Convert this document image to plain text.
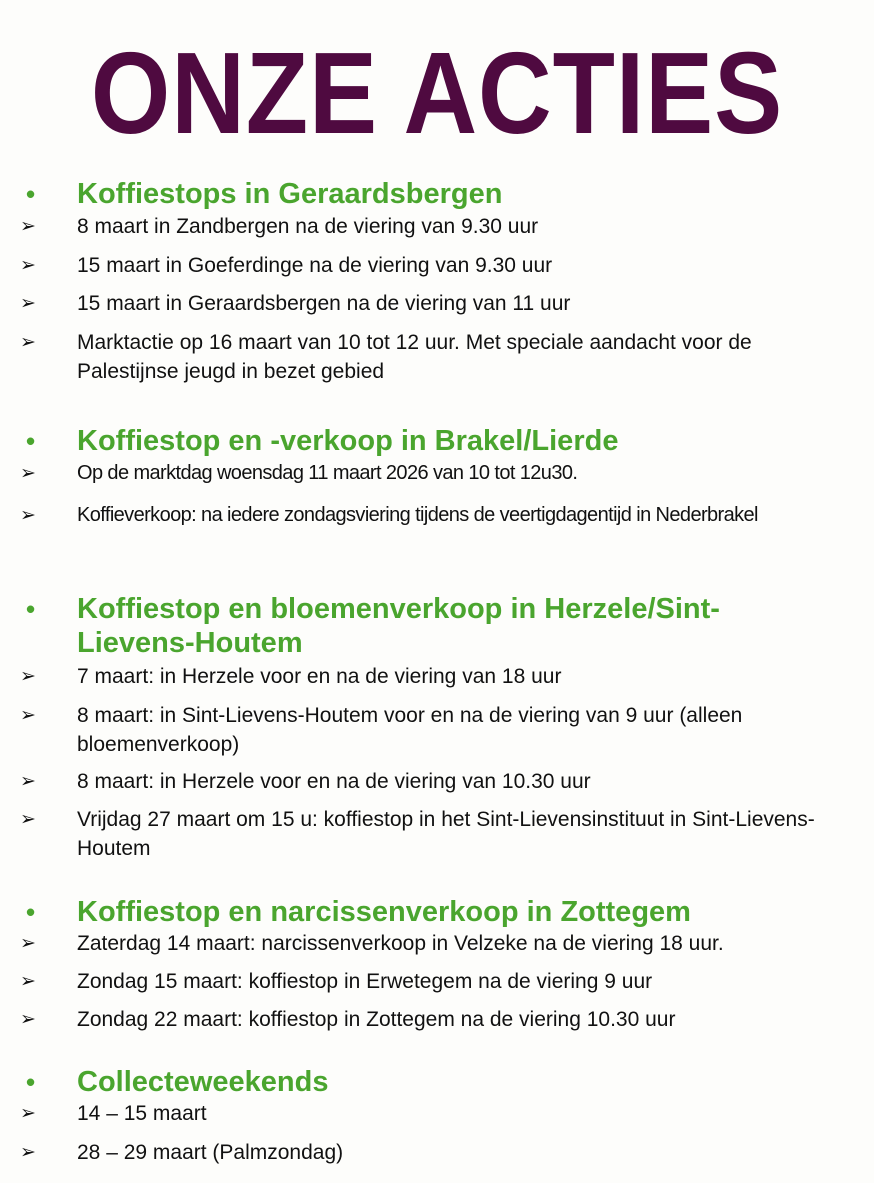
ONZE ACTIES
• Koffiestops in Geraardsbergen
➢ 8 maart in Zandbergen na de viering van 9.30 uur
➢ 15 maart in Goeferdinge na de viering van 9.30 uur
➢ 15 maart in Geraardsbergen na de viering van 11 uur
➢ Marktactie op 16 maart van 10 tot 12 uur. Met speciale aandacht voor de Palestijnse jeugd in bezet gebied
• Koffiestop en -verkoop in Brakel/Lierde
➢ Op de marktdag woensdag 11 maart 2026 van 10 tot 12u30.
➢ Koffieverkoop: na iedere zondagsviering tijdens de veertigdagentijd in Nederbrakel
• Koffiestop en bloemenverkoop in Herzele/Sint-Lievens-Houtem
➢ 7 maart: in Herzele voor en na de viering van 18 uur
➢ 8 maart: in Sint-Lievens-Houtem voor en na de viering van 9 uur (alleen bloemenverkoop)
➢ 8 maart: in Herzele voor en na de viering van 10.30 uur
➢ Vrijdag 27 maart om 15 u: koffiestop in het Sint-Lievensinstituut in Sint-Lievens-Houtem
• Koffiestop en narcissenverkoop in Zottegem
➢ Zaterdag 14 maart: narcissenverkoop in Velzeke na de viering 18 uur.
➢ Zondag 15 maart: koffiestop in Erwetegem na de viering 9 uur
➢ Zondag 22 maart: koffiestop in Zottegem na de viering 10.30 uur
• Collecteweekends
➢ 14 – 15 maart
➢ 28 – 29 maart (Palmzondag)
